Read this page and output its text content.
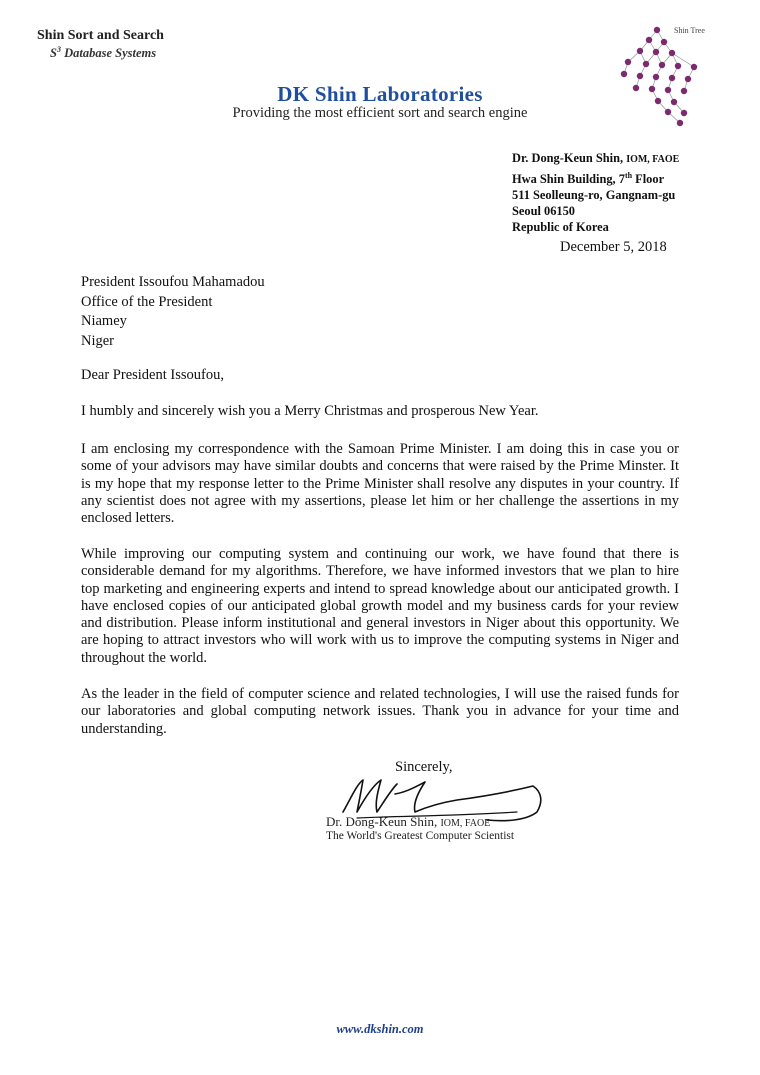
Shin Sort and Search
$S^3$ Database Systems
Shin Tree
DK Shin Laboratories
Providing the most efficient sort and search engine
Dr. Dong-Keun Shin, IOM, FAOE
Hwa Shin Building, 7th Floor
511 Seolleung-ro, Gangnam-gu
Seoul 06150
Republic of Korea
December 5, 2018
President Issoufou Mahamadou
Office of the President
Niamey
Niger
Dear President Issoufou,
I humbly and sincerely wish you a Merry Christmas and prosperous New Year.
I am enclosing my correspondence with the Samoan Prime Minister. I am doing this in case you or some of your advisors may have similar doubts and concerns that were raised by the Prime Minster. It is my hope that my response letter to the Prime Minister shall resolve any disputes in your country. If any scientist does not agree with my assertions, please let him or her challenge the assertions in my enclosed letters.
While improving our computing system and continuing our work, we have found that there is considerable demand for my algorithms. Therefore, we have informed investors that we plan to hire top marketing and engineering experts and intend to spread knowledge about our anticipated growth. I have enclosed copies of our anticipated global growth model and my business cards for your review and distribution. Please inform institutional and general investors in Niger about this opportunity. We are hoping to attract investors who will work with us to improve the computing systems in Niger and throughout the world.
As the leader in the field of computer science and related technologies, I will use the raised funds for our laboratories and global computing network issues. Thank you in advance for your time and understanding.
Sincerely,
Dr. Dong-Keun Shin, IOM, FAOE
The World's Greatest Computer Scientist
www.dkshin.com
